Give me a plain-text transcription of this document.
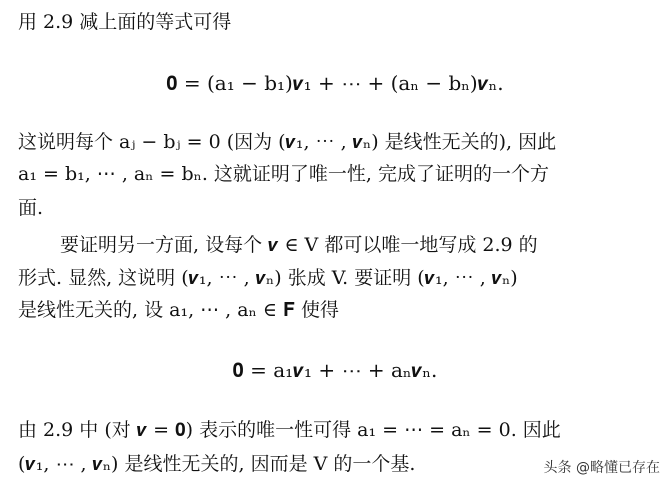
用 2.9 减上面的等式可得
𝟎 = (a₁ − b₁)𝒗₁ + ⋯ + (aₙ − bₙ)𝒗ₙ.
这说明每个 aⱼ − bⱼ = 0 (因为 (𝒗₁, ⋯ , 𝒗ₙ) 是线性无关的), 因此
a₁ = b₁, ⋯ , aₙ = bₙ. 这就证明了唯一性, 完成了证明的一个方
面.
要证明另一方面, 设每个 𝒗 ∈ V 都可以唯一地写成 2.9 的
形式. 显然, 这说明 (𝒗₁, ⋯ , 𝒗ₙ) 张成 V. 要证明 (𝒗₁, ⋯ , 𝒗ₙ)
是线性无关的, 设 a₁, ⋯ , aₙ ∈ 𝐅 使得
𝟎 = a₁𝒗₁ + ⋯ + aₙ𝒗ₙ.
由 2.9 中 (对 𝒗 = 𝟎) 表示的唯一性可得 a₁ = ⋯ = aₙ = 0. 因此
(𝒗₁, ⋯ , 𝒗ₙ) 是线性无关的, 因而是 V 的一个基.	头条 @略懂已存在
